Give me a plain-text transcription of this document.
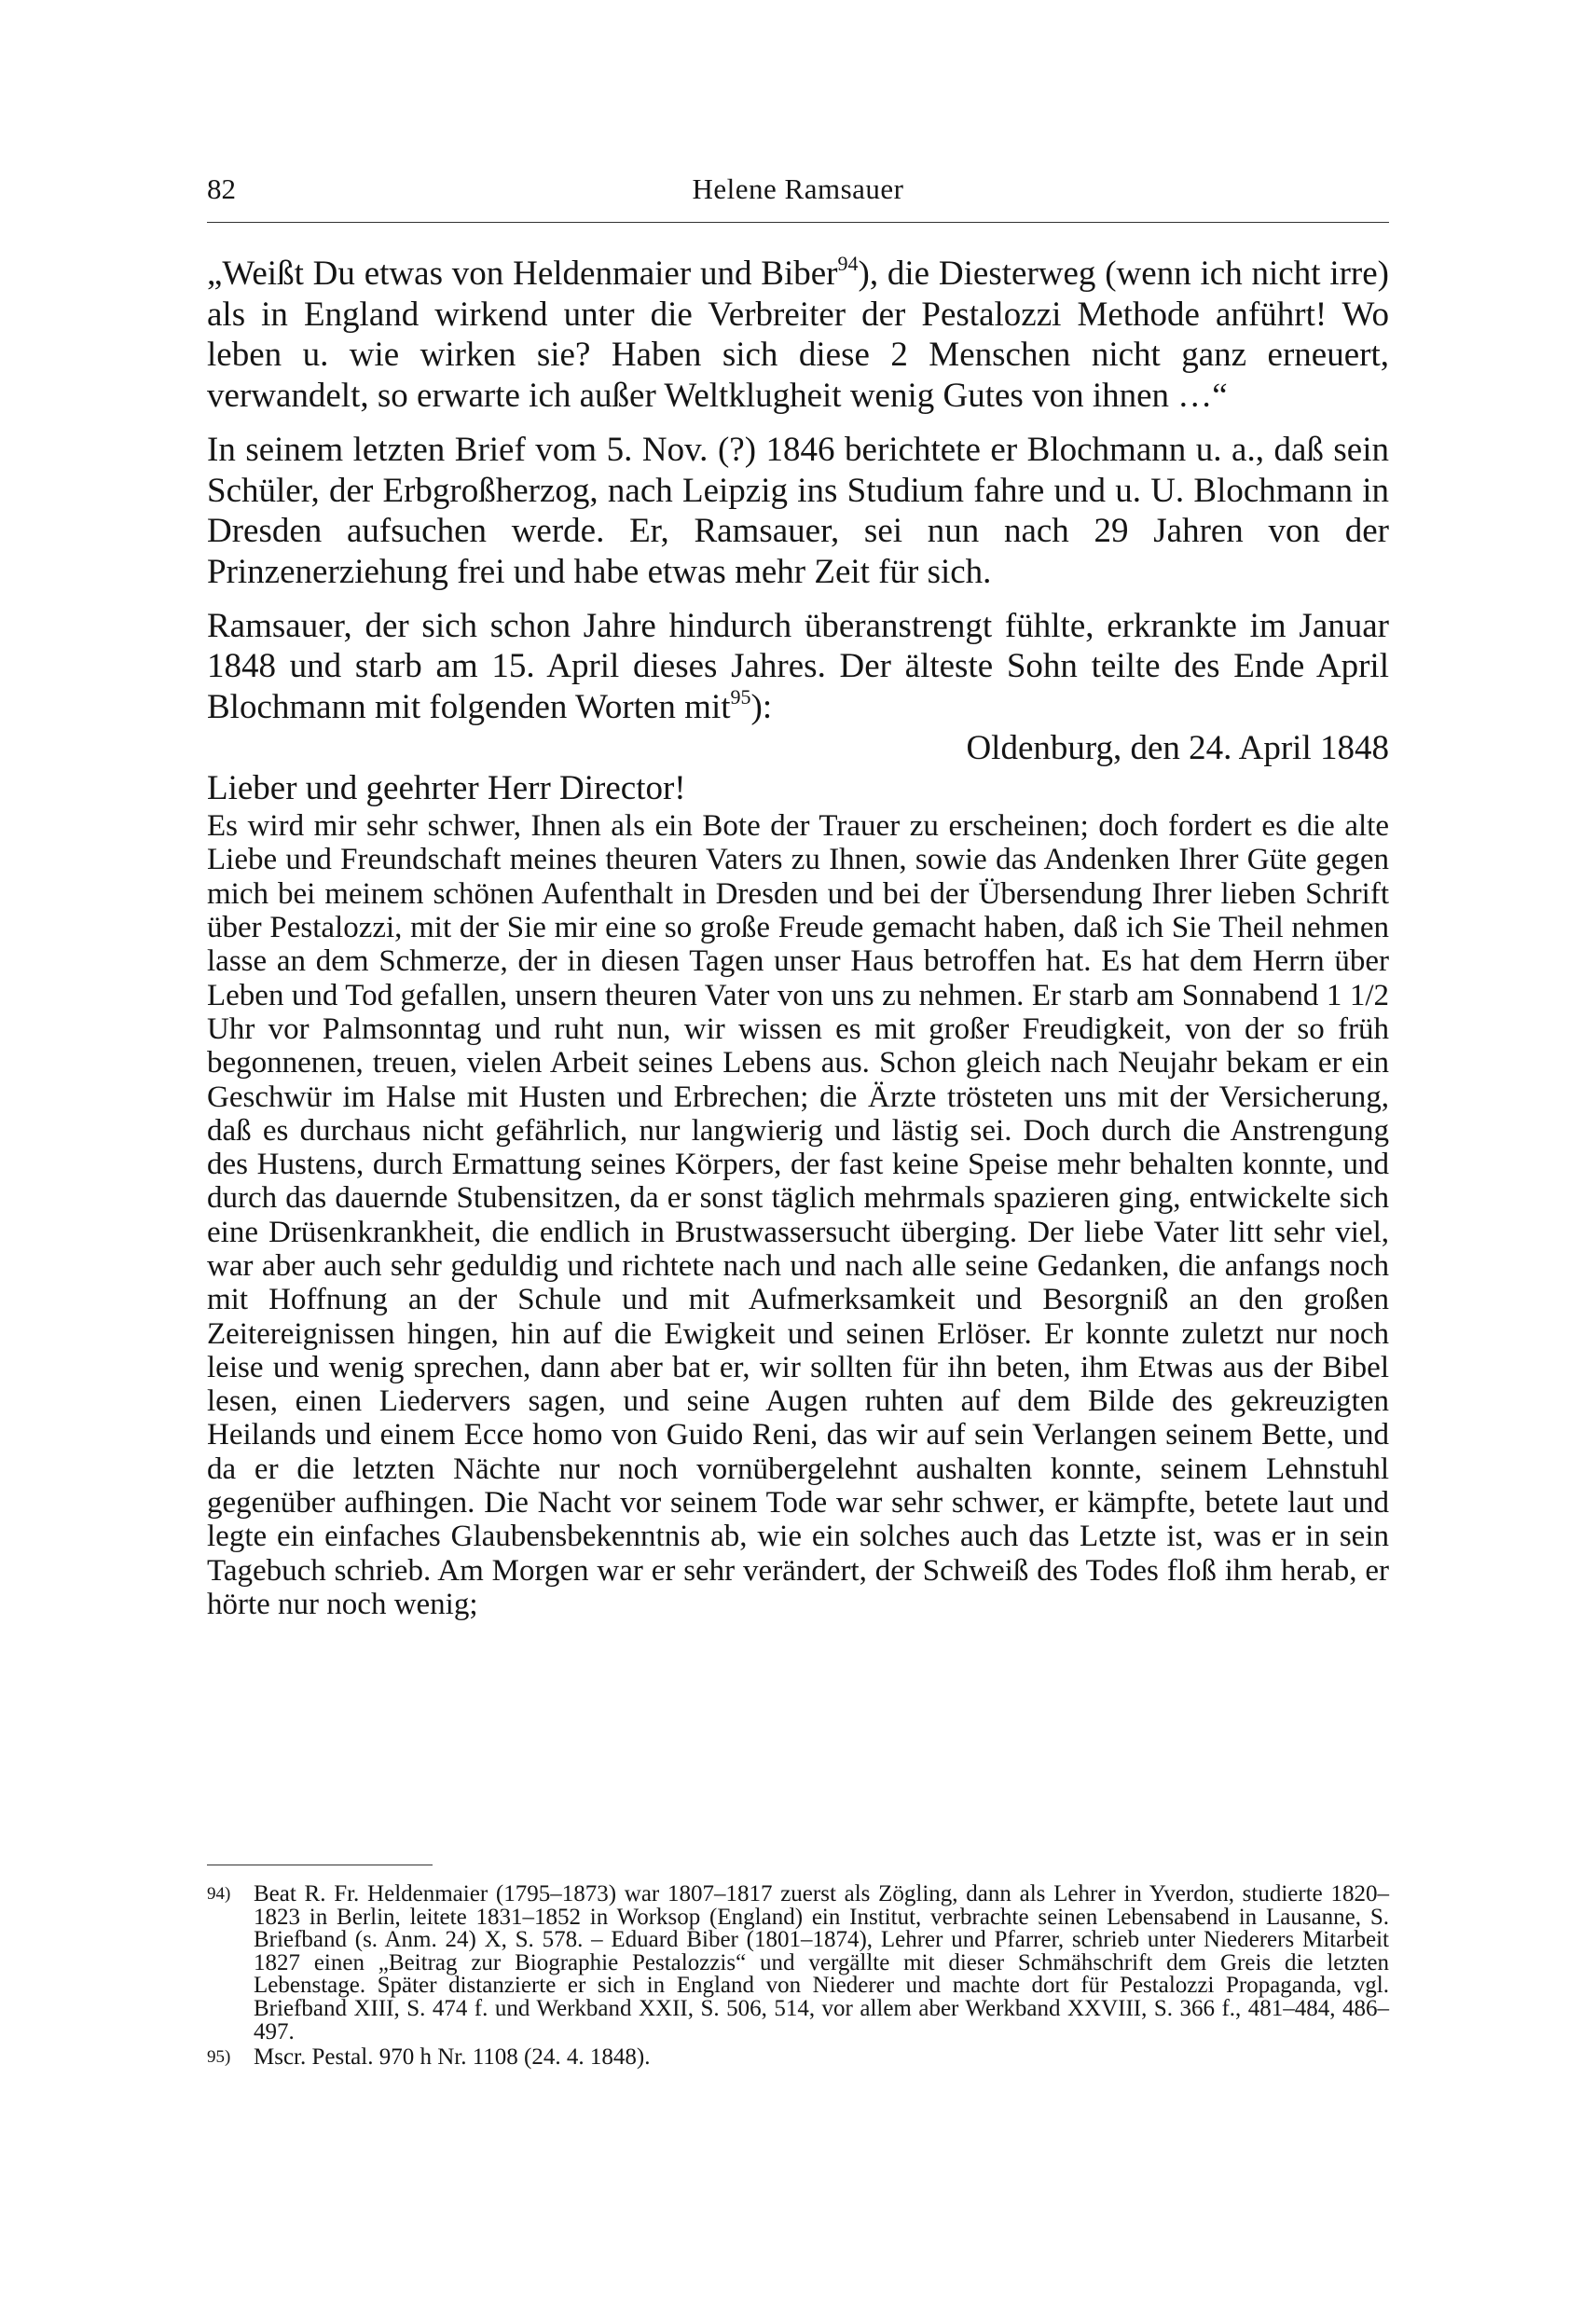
82	Helene Ramsauer

„Weißt Du etwas von Heldenmaier und Biber$^{94}$), die Diesterweg (wenn ich nicht irre) als in England wirkend unter die Verbreiter der Pestalozzi Methode anführt! Wo leben u. wie wirken sie? Haben sich diese 2 Menschen nicht ganz erneuert, verwandelt, so erwarte ich außer Weltklugheit wenig Gutes von ihnen …“

In seinem letzten Brief vom 5. Nov. (?) 1846 berichtete er Blochmann u. a., daß sein Schüler, der Erbgroßherzog, nach Leipzig ins Studium fahre und u. U. Blochmann in Dresden aufsuchen werde. Er, Ramsauer, sei nun nach 29 Jahren von der Prinzenerziehung frei und habe etwas mehr Zeit für sich.

Ramsauer, der sich schon Jahre hindurch überanstrengt fühlte, erkrankte im Januar 1848 und starb am 15. April dieses Jahres. Der älteste Sohn teilte des Ende April Blochmann mit folgenden Worten mit$^{95}$):

Oldenburg, den 24. April 1848

Lieber und geehrter Herr Director!

Es wird mir sehr schwer, Ihnen als ein Bote der Trauer zu erscheinen; doch fordert es die alte Liebe und Freundschaft meines theuren Vaters zu Ihnen, sowie das Andenken Ihrer Güte gegen mich bei meinem schönen Aufenthalt in Dresden und bei der Übersendung Ihrer lieben Schrift über Pestalozzi, mit der Sie mir eine so große Freude gemacht haben, daß ich Sie Theil nehmen lasse an dem Schmerze, der in diesen Tagen unser Haus betroffen hat. Es hat dem Herrn über Leben und Tod gefallen, unsern theuren Vater von uns zu nehmen. Er starb am Sonnabend 1 1/2 Uhr vor Palmsonntag und ruht nun, wir wissen es mit großer Freudigkeit, von der so früh begonnenen, treuen, vielen Arbeit seines Lebens aus. Schon gleich nach Neujahr bekam er ein Geschwür im Halse mit Husten und Erbrechen; die Ärzte trösteten uns mit der Versicherung, daß es durchaus nicht gefährlich, nur langwierig und lästig sei. Doch durch die Anstrengung des Hustens, durch Ermattung seines Körpers, der fast keine Speise mehr behalten konnte, und durch das dauernde Stubensitzen, da er sonst täglich mehrmals spazieren ging, entwickelte sich eine Drüsenkrankheit, die endlich in Brustwassersucht überging. Der liebe Vater litt sehr viel, war aber auch sehr geduldig und richtete nach und nach alle seine Gedanken, die anfangs noch mit Hoffnung an der Schule und mit Aufmerksamkeit und Besorgniß an den großen Zeitereignissen hingen, hin auf die Ewigkeit und seinen Erlöser. Er konnte zuletzt nur noch leise und wenig sprechen, dann aber bat er, wir sollten für ihn beten, ihm Etwas aus der Bibel lesen, einen Liedervers sagen, und seine Augen ruhten auf dem Bilde des gekreuzigten Heilands und einem Ecce homo von Guido Reni, das wir auf sein Verlangen seinem Bette, und da er die letzten Nächte nur noch vornübergelehnt aushalten konnte, seinem Lehnstuhl gegenüber aufhingen. Die Nacht vor seinem Tode war sehr schwer, er kämpfte, betete laut und legte ein einfaches Glaubensbekenntnis ab, wie ein solches auch das Letzte ist, was er in sein Tagebuch schrieb. Am Morgen war er sehr verändert, der Schweiß des Todes floß ihm herab, er hörte nur noch wenig;

94) Beat R. Fr. Heldenmaier (1795–1873) war 1807–1817 zuerst als Zögling, dann als Lehrer in Yverdon, studierte 1820–1823 in Berlin, leitete 1831–1852 in Worksop (England) ein Institut, verbrachte seinen Lebensabend in Lausanne, S. Briefband (s. Anm. 24) X, S. 578. – Eduard Biber (1801–1874), Lehrer und Pfarrer, schrieb unter Niederers Mitarbeit 1827 einen „Beitrag zur Biographie Pestalozzis“ und vergällte mit dieser Schmähschrift dem Greis die letzten Lebenstage. Später distanzierte er sich in England von Niederer und machte dort für Pestalozzi Propaganda, vgl. Briefband XIII, S. 474 f. und Werkband XXII, S. 506, 514, vor allem aber Werkband XXVIII, S. 366 f., 481–484, 486–497.

95) Mscr. Pestal. 970 h Nr. 1108 (24. 4. 1848).
